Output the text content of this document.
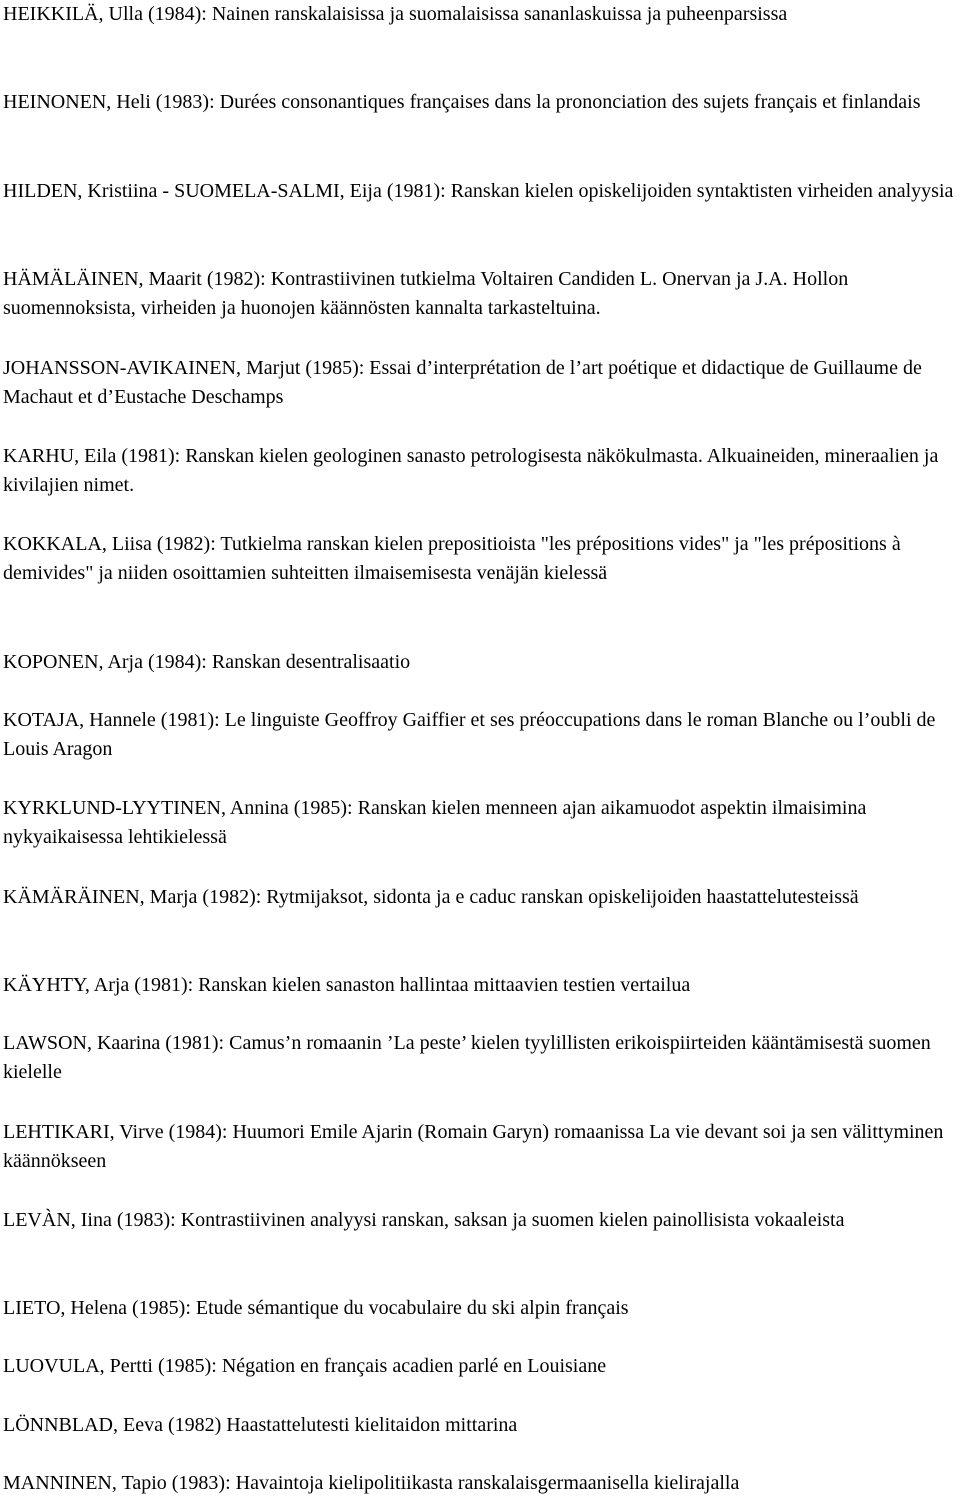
HEIKKILÄ, Ulla (1984): Nainen ranskalaisissa ja suomalaisissa sananlaskuissa ja puheenparsissa

HEINONEN, Heli (1983): Durées consonantiques françaises dans la prononciation des sujets français et finlandais

HILDEN, Kristiina - SUOMELA-SALMI, Eija (1981): Ranskan kielen opiskelijoiden syntaktisten virheiden analyysia

HÄMÄLÄINEN, Maarit (1982): Kontrastiivinen tutkielma Voltairen Candiden L. Onervan ja J.A. Hollon suomennoksista, virheiden ja huonojen käännösten kannalta tarkasteltuina.

JOHANSSON-AVIKAINEN, Marjut (1985): Essai d’interprétation de l’art poétique et didactique de Guillaume de Machaut et d’Eustache Deschamps

KARHU, Eila (1981): Ranskan kielen geologinen sanasto petrologisesta näkökulmasta. Alkuaineiden, mineraalien ja kivilajien nimet.

KOKKALA, Liisa (1982): Tutkielma ranskan kielen prepositioista "les prépositions vides" ja "les prépositions à demivides" ja niiden osoittamien suhteitten ilmaisemisesta venäjän kielessä

KOPONEN, Arja (1984): Ranskan desentralisaatio

KOTAJA, Hannele (1981): Le linguiste Geoffroy Gaiffier et ses préoccupations dans le roman Blanche ou l’oubli de Louis Aragon

KYRKLUND-LYYTINEN, Annina (1985): Ranskan kielen menneen ajan aikamuodot aspektin ilmaisimina nykyaikaisessa lehtikielessä

KÄMÄRÄINEN, Marja (1982): Rytmijaksot, sidonta ja e caduc ranskan opiskelijoiden haastattelutesteissä

KÄYHTY, Arja (1981): Ranskan kielen sanaston hallintaa mittaavien testien vertailua

LAWSON, Kaarina (1981): Camus’n romaanin ’La peste’ kielen tyylillisten erikoispiirteiden kääntämisestä suomen kielelle

LEHTIKARI, Virve (1984): Huumori Emile Ajarin (Romain Garyn) romaanissa La vie devant soi ja sen välittyminen käännökseen

LEVÀN, Iina (1983): Kontrastiivinen analyysi ranskan, saksan ja suomen kielen painollisista vokaaleista

LIETO, Helena (1985): Etude sémantique du vocabulaire du ski alpin français

LUOVULA, Pertti (1985): Négation en français acadien parlé en Louisiane

LÖNNBLAD, Eeva (1982) Haastattelutesti kielitaidon mittarina

MANNINEN, Tapio (1983): Havaintoja kielipolitiikasta ranskalaisgermaanisella kielirajalla
